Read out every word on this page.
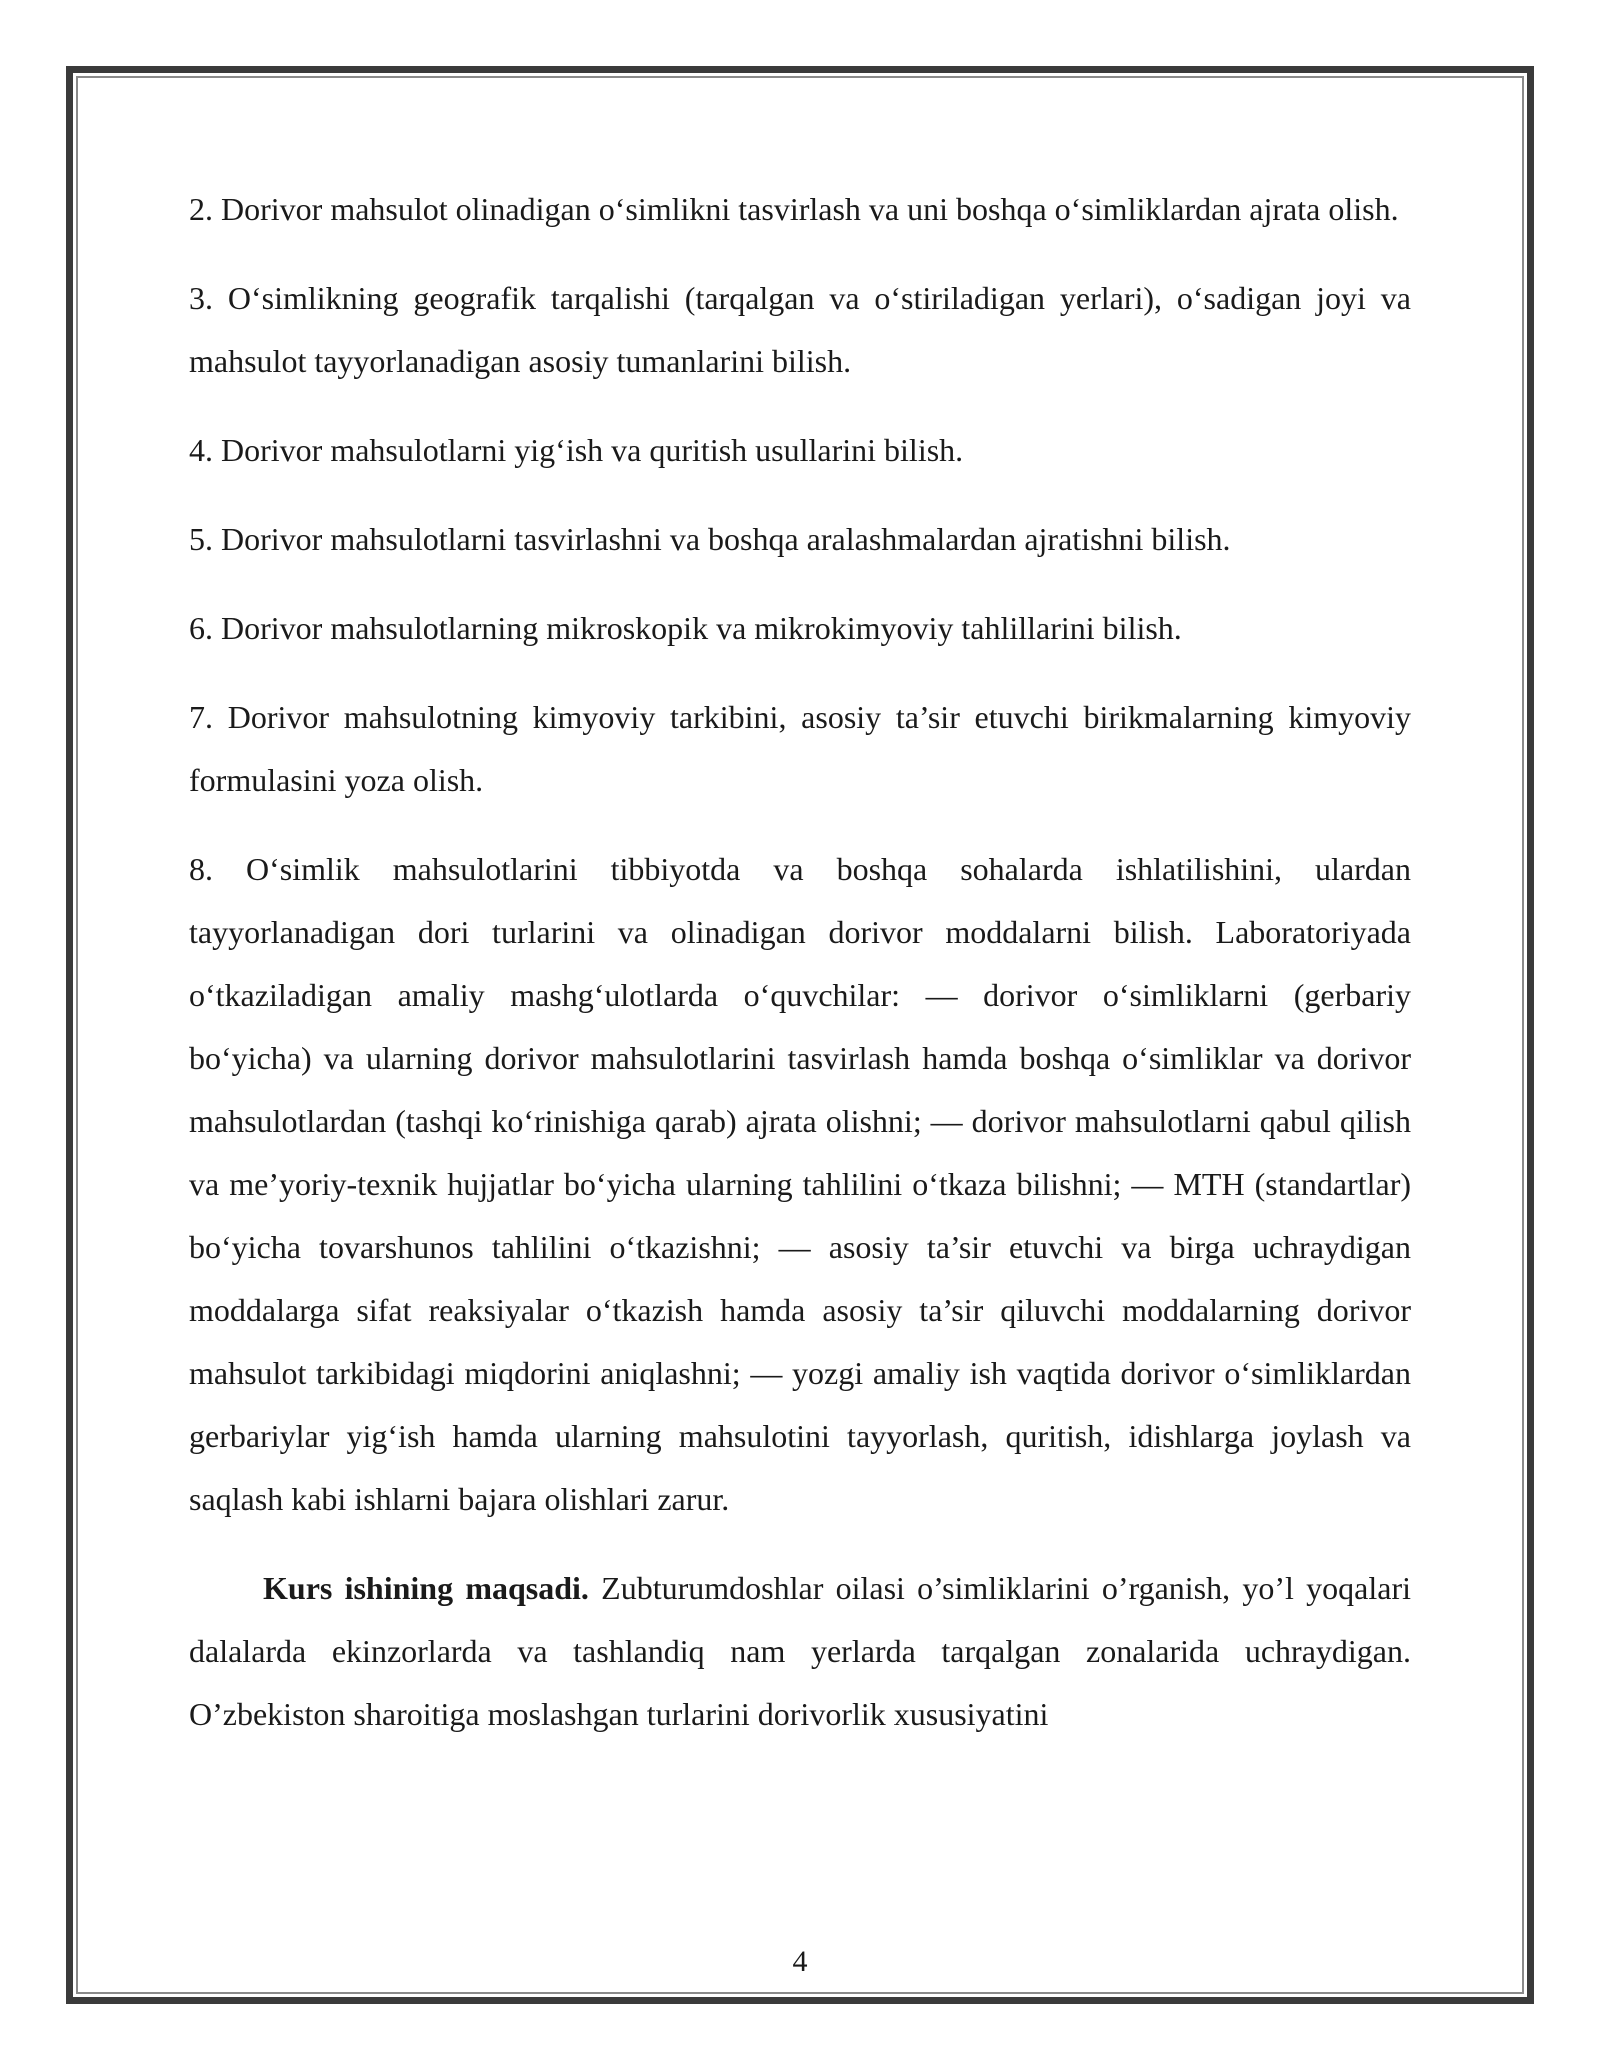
2. Dorivor mahsulot olinadigan o‘simlikni tasvirlash va uni boshqa o‘simliklardan ajrata olish.

3. O‘simlikning geografik tarqalishi (tarqalgan va o‘stiriladigan yerlari), o‘sadigan joyi va mahsulot tayyorlanadigan asosiy tumanlarini bilish.

4. Dorivor mahsulotlarni yig‘ish va quritish usullarini bilish.

5. Dorivor mahsulotlarni tasvirlashni va boshqa aralashmalardan ajratishni bilish.

6. Dorivor mahsulotlarning mikroskopik va mikrokimyoviy tahlillarini bilish.

7. Dorivor mahsulotning kimyoviy tarkibini, asosiy ta’sir etuvchi birikmalarning kimyoviy formulasini yoza olish.

8. O‘simlik mahsulotlarini tibbiyotda va boshqa sohalarda ishlatilishini, ulardan tayyorlanadigan dori turlarini va olinadigan dorivor moddalarni bilish. Laboratoriyada o‘tkaziladigan amaliy mashg‘ulotlarda o‘quvchilar: — dorivor o‘simliklarni (gerbariy bo‘yicha) va ularning dorivor mahsulotlarini tasvirlash hamda boshqa o‘simliklar va dorivor mahsulotlardan (tashqi ko‘rinishiga qarab) ajrata olishni; — dorivor mahsulotlarni qabul qilish va me’yoriy-texnik hujjatlar bo‘yicha ularning tahlilini o‘tkaza bilishni; — MTH (standartlar) bo‘yicha tovarshunos tahlilini o‘tkazishni; — asosiy ta’sir etuvchi va birga uchraydigan moddalarga sifat reaksiyalar o‘tkazish hamda asosiy ta’sir qiluvchi moddalarning dorivor mahsulot tarkibidagi miqdorini aniqlashni; — yozgi amaliy ish vaqtida dorivor o‘simliklardan gerbariylar yig‘ish hamda ularning mahsulotini tayyorlash, quritish, idishlarga joylash va saqlash kabi ishlarni bajara olishlari zarur.

Kurs ishining maqsadi. Zubturumdoshlar oilasi o’simliklarini o’rganish, yo’l yoqalari dalalarda ekinzorlarda va tashlandiq nam yerlarda tarqalgan zonalarida uchraydigan. O’zbekiston sharoitiga moslashgan turlarini dorivorlik xususiyatini

4
